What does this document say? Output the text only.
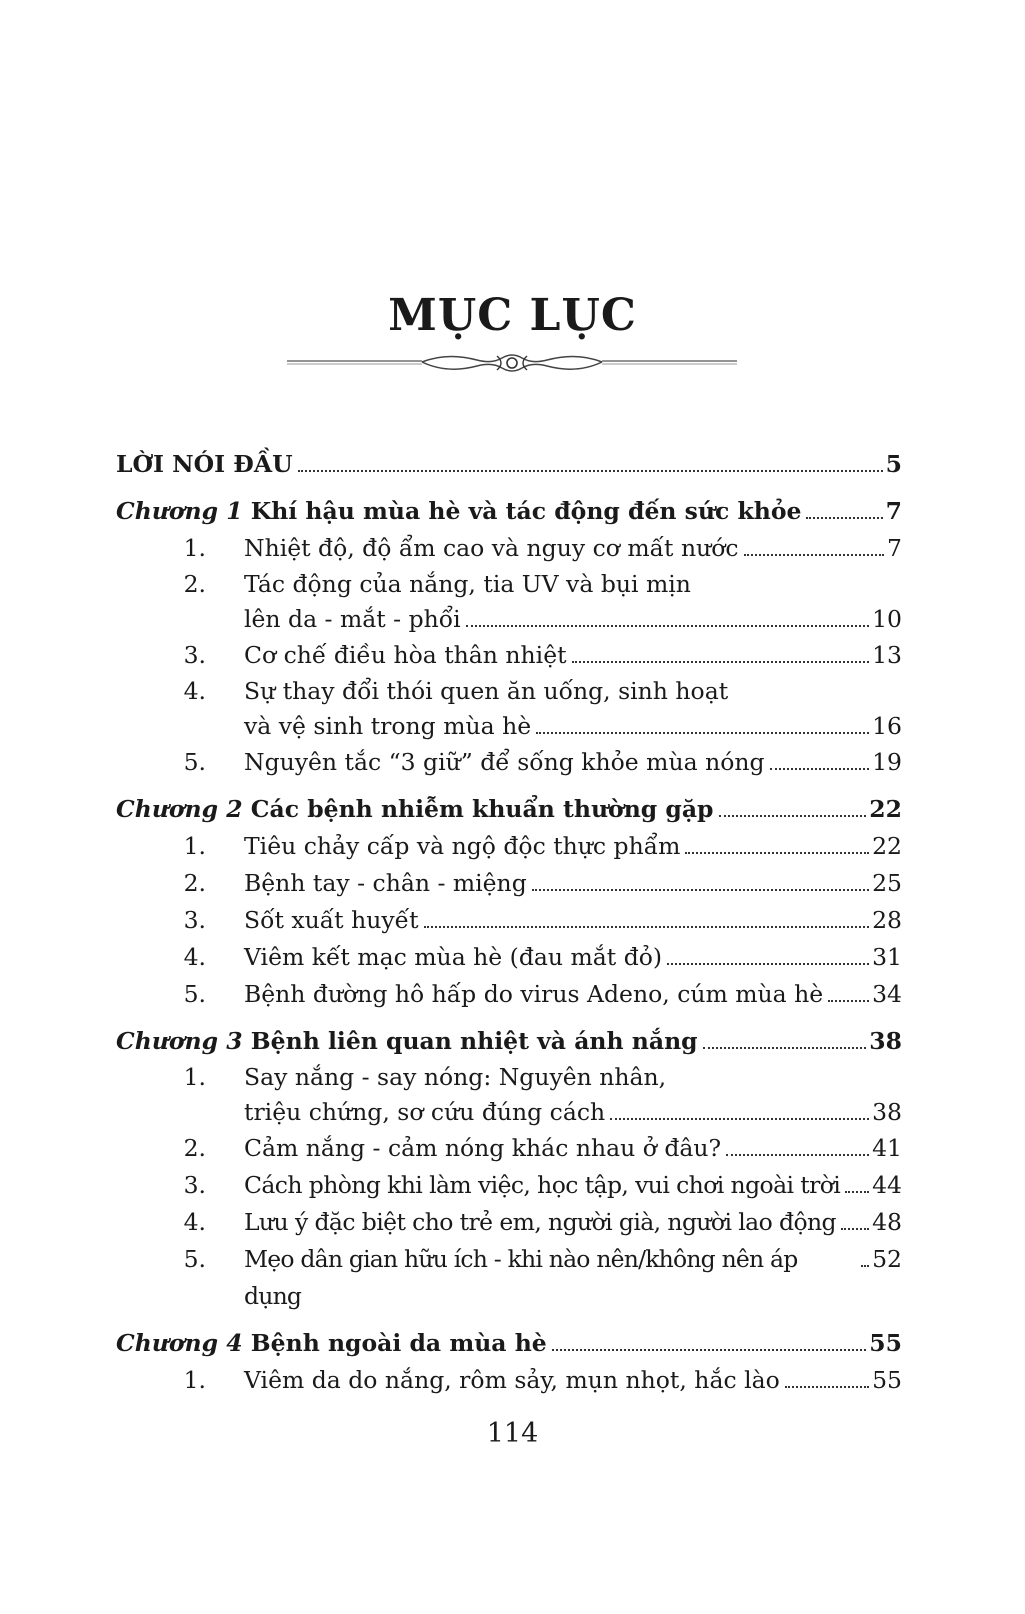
MỤC LỤC
LỜI NÓI ĐẦU	5
Chương 1 Khí hậu mùa hè và tác động đến sức khỏe	7
1.	Nhiệt độ, độ ẩm cao và nguy cơ mất nước	7
2.	Tác động của nắng, tia UV và bụi mịn
lên da - mắt - phổi	10
3.	Cơ chế điều hòa thân nhiệt	13
4.	Sự thay đổi thói quen ăn uống, sinh hoạt
và vệ sinh trong mùa hè	16
5.	Nguyên tắc “3 giữ” để sống khỏe mùa nóng	19
Chương 2 Các bệnh nhiễm khuẩn thường gặp	22
1.	Tiêu chảy cấp và ngộ độc thực phẩm	22
2.	Bệnh tay - chân - miệng	25
3.	Sốt xuất huyết	28
4.	Viêm kết mạc mùa hè (đau mắt đỏ)	31
5.	Bệnh đường hô hấp do virus Adeno, cúm mùa hè 34
Chương 3 Bệnh liên quan nhiệt và ánh nắng	38
1.	Say nắng - say nóng: Nguyên nhân,
triệu chứng, sơ cứu đúng cách	38
2.	Cảm nắng - cảm nóng khác nhau ở đâu?	41
3.	Cách phòng khi làm việc, học tập, vui chơi ngoài trời 44
4.	Lưu ý đặc biệt cho trẻ em, người già, người lao động 48
5.	Mẹo dân gian hữu ích - khi nào nên/không nên áp dụng
52
Chương 4 Bệnh ngoài da mùa hè	55
1.	Viêm da do nắng, rôm sảy, mụn nhọt, hắc lào	55
114
